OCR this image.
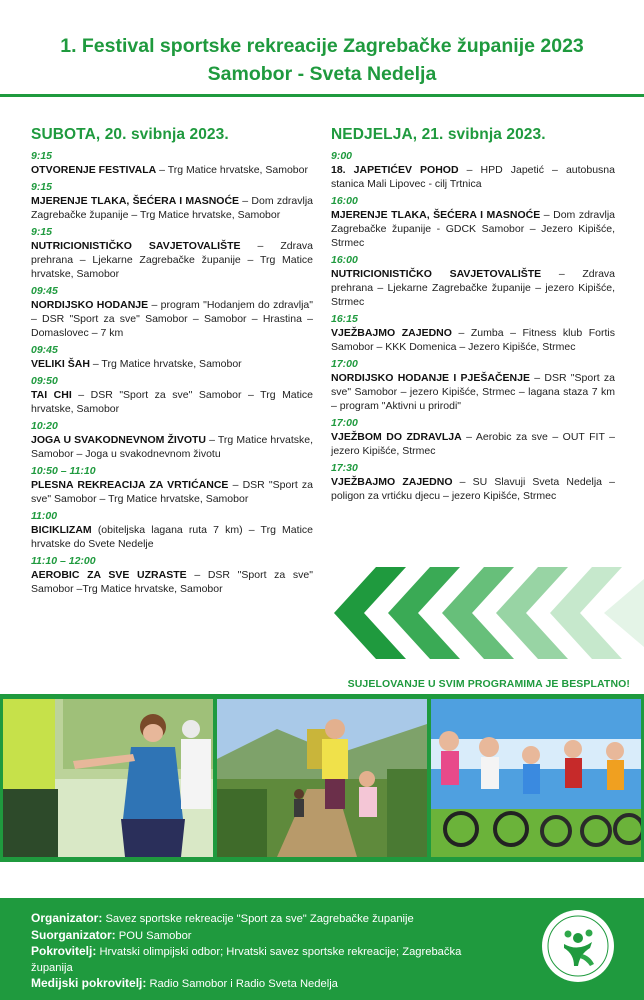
1. Festival sportske rekreacije Zagrebačke županije 2023
Samobor - Sveta Nedelja
SUBOTA, 20. svibnja 2023.
9:15
OTVORENJE FESTIVALA – Trg Matice hrvatske, Samobor
9:15
MJERENJE TLAKA, ŠEĆERA I MASNOĆE – Dom zdravlja Zagrebačke županije – Trg Matice hrvatske, Samobor
9:15
NUTRICIONISTIČKO SAVJETOVALIŠTE – Zdrava prehrana – Ljekarne Zagrebačke županije – Trg Matice hrvatske, Samobor
09:45
NORDIJSKO HODANJE – program "Hodanjem do zdravlja" – DSR "Sport za sve" Samobor – Samobor – Hrastina – Domaslovec – 7 km
09:45
VELIKI ŠAH – Trg Matice hrvatske, Samobor
09:50
TAI CHI – DSR "Sport za sve" Samobor – Trg Matice hrvatske, Samobor
10:20
JOGA U SVAKODNEVNOM ŽIVOTU – Trg Matice hrvatske, Samobor – Joga u svakodnevnom životu
10:50 – 11:10
PLESNA REKREACIJA ZA VRTIĆANCE – DSR "Sport za sve" Samobor – Trg Matice hrvatske, Samobor
11:00
BICIKLIZAM (obiteljska lagana ruta 7 km) – Trg Matice hrvatske do Svete Nedelje
11:10 – 12:00
AEROBIC ZA SVE UZRASTE – DSR "Sport za sve" Samobor –Trg Matice hrvatske, Samobor
NEDJELJA, 21. svibnja 2023.
9:00
18. JAPETIĆEV POHOD – HPD Japetić – autobusna stanica Mali Lipovec - cilj Trtnica
16:00
MJERENJE TLAKA, ŠEĆERA I MASNOĆE – Dom zdravlja Zagrebačke županije - GDCK Samobor – Jezero Kipišće, Strmec
16:00
NUTRICIONISTIČKO SAVJETOVALIŠTE – Zdrava prehrana – Ljekarne Zagrebačke županije – jezero Kipišće, Strmec
16:15
VJEŽBAJMO ZAJEDNO – Zumba – Fitness klub Fortis Samobor – KKK Domenica – Jezero Kipišće, Strmec
17:00
NORDIJSKO HODANJE I PJEŠAČENJE – DSR "Sport za sve" Samobor – jezero Kipišće, Strmec – lagana staza 7 km – program "Aktivni u prirodi"
17:00
VJEŽBOM DO ZDRAVLJA – Aerobic za sve – OUT FIT – jezero Kipišće, Strmec
17:30
VJEŽBAJMO ZAJEDNO – SU Slavuji Sveta Nedelja – poligon za vrtićku djecu – jezero Kipišće, Strmec
SUJELOVANJE U SVIM PROGRAMIMA JE BESPLATNO!
Organizator: Savez sportske rekreacije "Sport za sve" Zagrebačke županije
Suorganizator: POU Samobor
Pokrovitelj: Hrvatski olimpijski odbor; Hrvatski savez sportske rekreacije; Zagrebačka županija
Medijski pokrovitelj: Radio Samobor i Radio Sveta Nedelja
